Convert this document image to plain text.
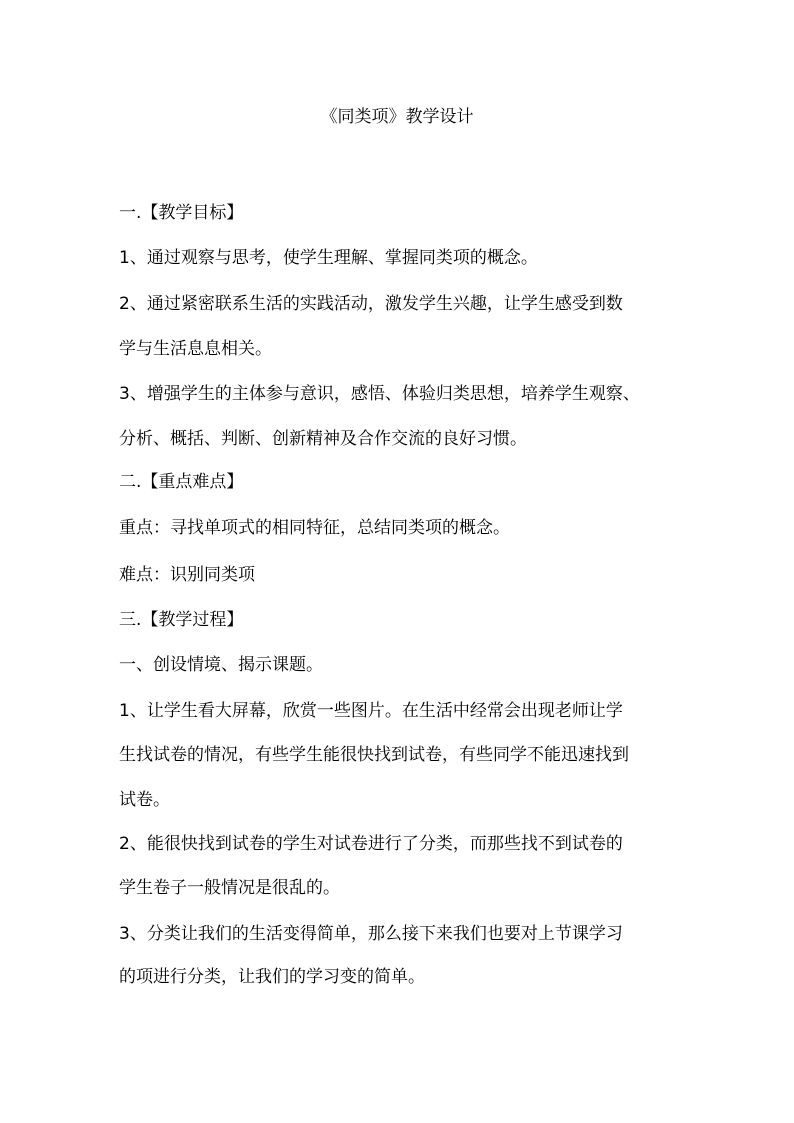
《同类项》教学设计
一.【教学目标】
1、通过观察与思考，使学生理解、掌握同类项的概念。
2、通过紧密联系生活的实践活动，激发学生兴趣，让学生感受到数
学与生活息息相关。
3、增强学生的主体参与意识，感悟、体验归类思想，培养学生观察、
分析、概括、判断、创新精神及合作交流的良好习惯。
二.【重点难点】
重点：寻找单项式的相同特征，总结同类项的概念。
难点：识别同类项
三.【教学过程】
一、创设情境、揭示课题。
1、让学生看大屏幕，欣赏一些图片。在生活中经常会出现老师让学
生找试卷的情况，有些学生能很快找到试卷，有些同学不能迅速找到
试卷。
2、能很快找到试卷的学生对试卷进行了分类，而那些找不到试卷的
学生卷子一般情况是很乱的。
3、分类让我们的生活变得简单，那么接下来我们也要对上节课学习
的项进行分类，让我们的学习变的简单。
